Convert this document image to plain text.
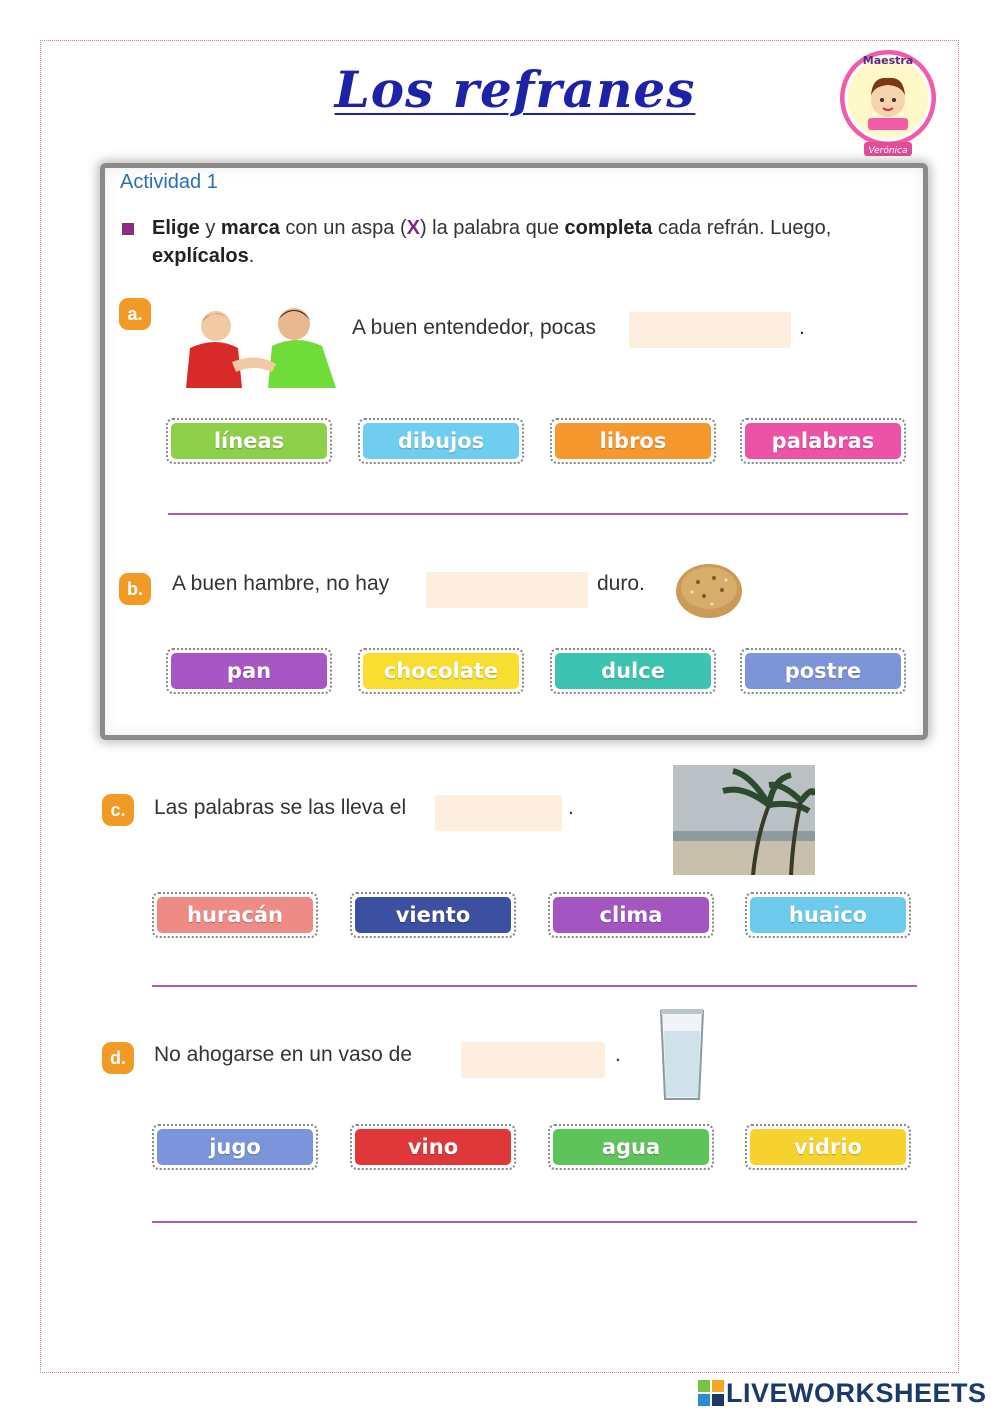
Los refranes	Maestra
Verónica
Actividad 1
Elige y marca con un aspa (X) la palabra que completa cada refrán. Luego, explícalos.
a.
A buen entendedor, pocas	.
líneas	dibujos	libros	palabras
b.	A buen hambre, no hay	duro.
pan	chocolate	dulce	postre
c.	Las palabras se las lleva el	.
huracán	viento	clima	huaico
d.	No ahogarse en un vaso de	.
jugo	vino	agua	vidrio
LIVEWORKSHEETS
